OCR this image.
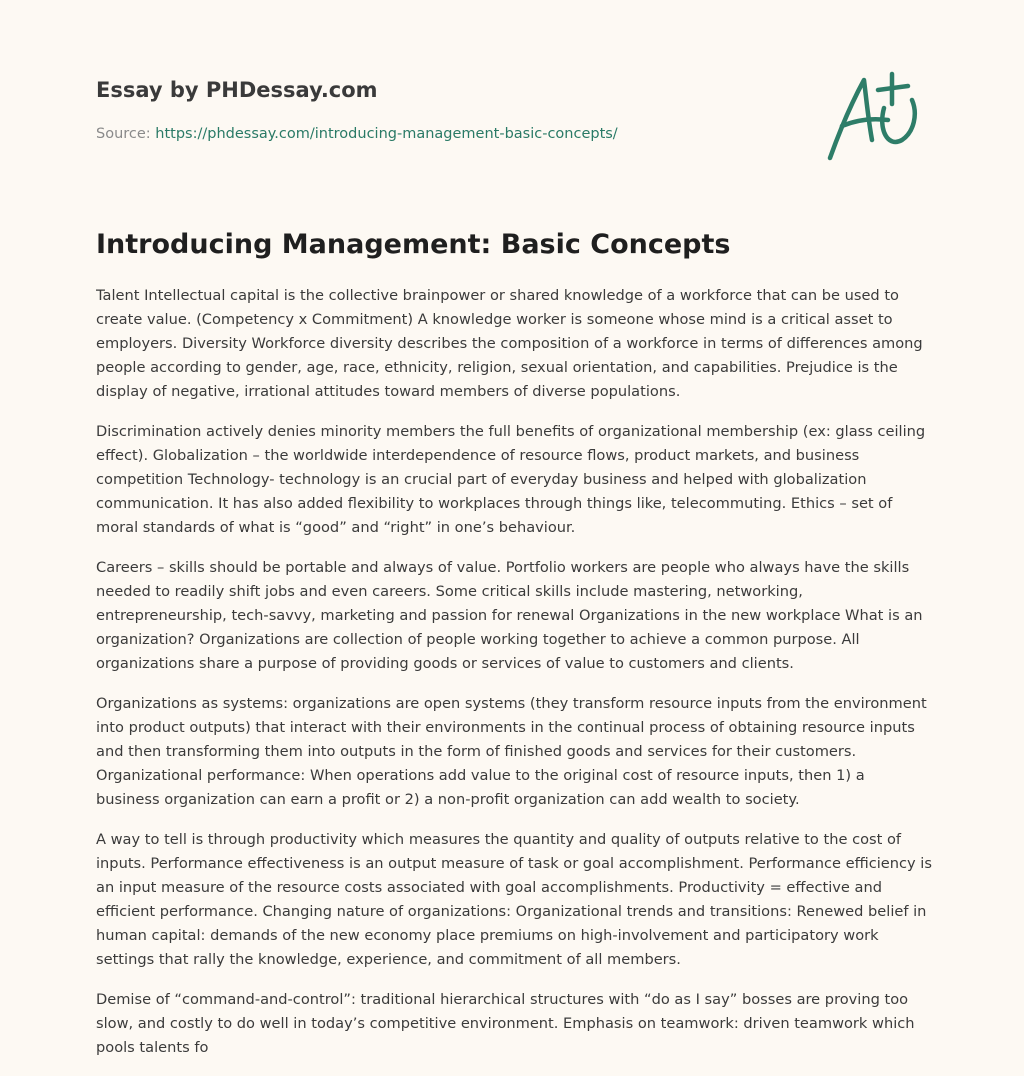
Essay by PHDessay.com
Source: https://phdessay.com/introducing-management-basic-concepts/
Introducing Management: Basic Concepts

Talent Intellectual capital is the collective brainpower or shared knowledge of a workforce that can be used to create value. (Competency x Commitment) A knowledge worker is someone whose mind is a critical asset to employers. Diversity Workforce diversity describes the composition of a workforce in terms of differences among people according to gender, age, race, ethnicity, religion, sexual orientation, and capabilities. Prejudice is the display of negative, irrational attitudes toward members of diverse populations.

Discrimination actively denies minority members the full benefits of organizational membership (ex: glass ceiling effect). Globalization – the worldwide interdependence of resource flows, product markets, and business competition Technology- technology is an crucial part of everyday business and helped with globalization communication. It has also added flexibility to workplaces through things like, telecommuting. Ethics – set of moral standards of what is “good” and “right” in one’s behaviour.

Careers – skills should be portable and always of value. Portfolio workers are people who always have the skills needed to readily shift jobs and even careers. Some critical skills include mastering, networking, entrepreneurship, tech-savvy, marketing and passion for renewal Organizations in the new workplace What is an organization? Organizations are collection of people working together to achieve a common purpose. All organizations share a purpose of providing goods or services of value to customers and clients.

Organizations as systems: organizations are open systems (they transform resource inputs from the environment into product outputs) that interact with their environments in the continual process of obtaining resource inputs and then transforming them into outputs in the form of finished goods and services for their customers. Organizational performance: When operations add value to the original cost of resource inputs, then 1) a business organization can earn a profit or 2) a non-profit organization can add wealth to society.

A way to tell is through productivity which measures the quantity and quality of outputs relative to the cost of inputs. Performance effectiveness is an output measure of task or goal accomplishment. Performance efficiency is an input measure of the resource costs associated with goal accomplishments. Productivity = effective and efficient performance. Changing nature of organizations: Organizational trends and transitions: Renewed belief in human capital: demands of the new economy place premiums on high-involvement and participatory work settings that rally the knowledge, experience, and commitment of all members.

Demise of “command-and-control”: traditional hierarchical structures with “do as I say” bosses are proving too slow, and costly to do well in today’s competitive environment. Emphasis on teamwork: driven teamwork which pools talents fo
